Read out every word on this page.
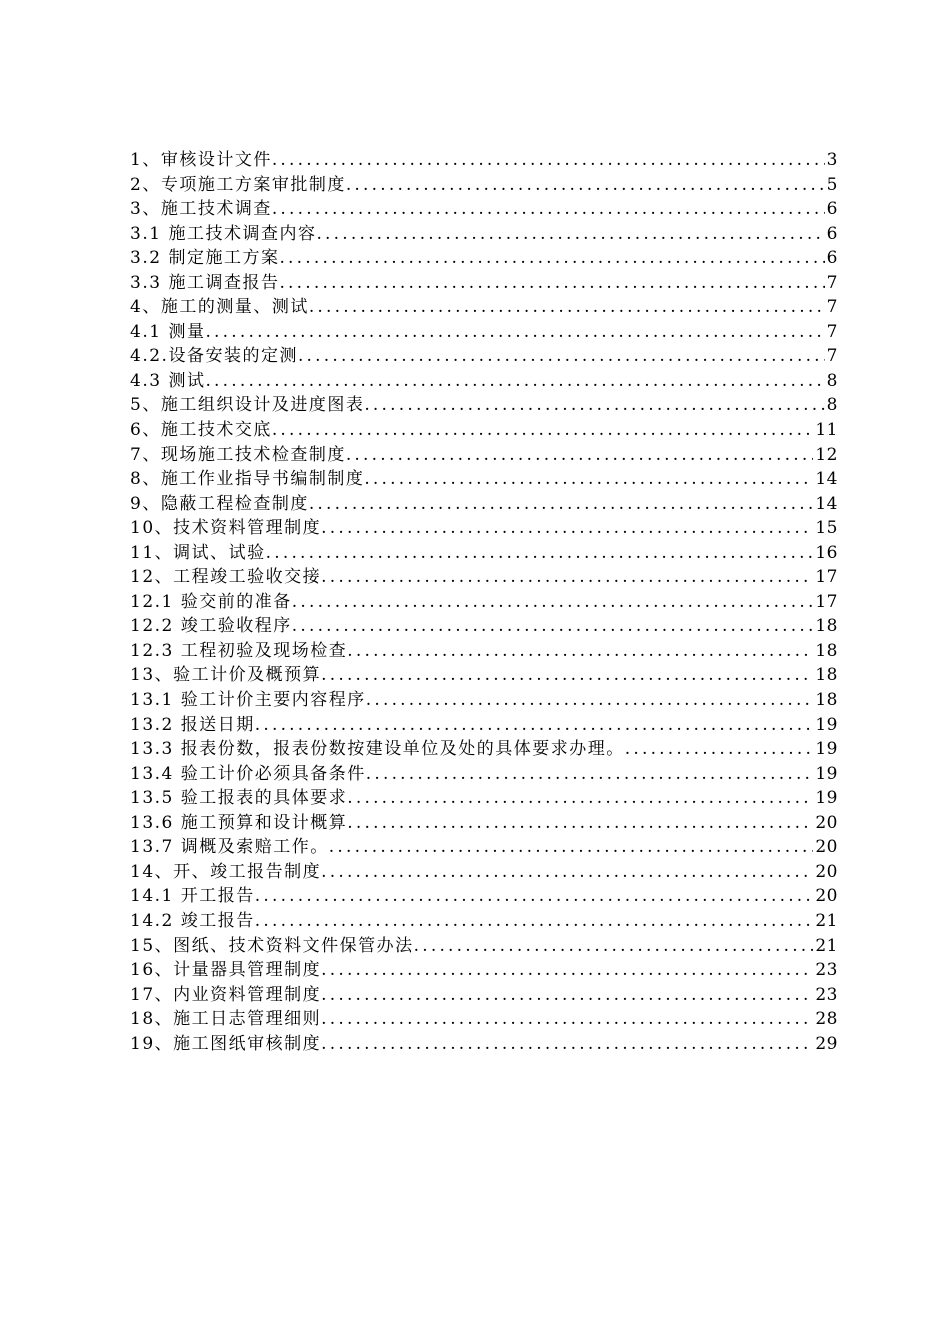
1、审核设计文件 .....	3
2、专项施工方案审批制度 .....	5
3、施工技术调查 .....	6
3.1 施工技术调查内容 .....	6
3.2 制定施工方案 .....	6
3.3 施工调查报告 .....	7
4、施工的测量、测试 .....	7
4.1 测量 .....	7
4.2.设备安装的定测 .....	7
4.3 测试 .....	8
5、施工组织设计及进度图表 .....	8
6、施工技术交底 .....	11
7、现场施工技术检查制度 .....	12
8、施工作业指导书编制制度 .....	14
9、隐蔽工程检查制度 .....	14
10、技术资料管理制度 .....	15
11、调试、试验 .....	16
12、工程竣工验收交接 .....	17
12.1 验交前的准备 .....	17
12.2 竣工验收程序 .....	18
12.3 工程初验及现场检查 .....	18
13、验工计价及概预算 .....	18
13.1 验工计价主要内容程序 .....	18
13.2 报送日期 .....	19
13.3 报表份数，报表份数按建设单位及处的具体要求办理。 .....	19
13.4 验工计价必须具备条件 .....	19
13.5 验工报表的具体要求 .....	19
13.6 施工预算和设计概算 .....	20
13.7 调概及索赔工作。 .....	20
14、开、竣工报告制度 .....	20
14.1 开工报告 .....	20
14.2 竣工报告 .....	21
15、图纸、技术资料文件保管办法 .....	21
16、计量器具管理制度 .....	23
17、内业资料管理制度 .....	23
18、施工日志管理细则 .....	28
19、施工图纸审核制度 .....	29
